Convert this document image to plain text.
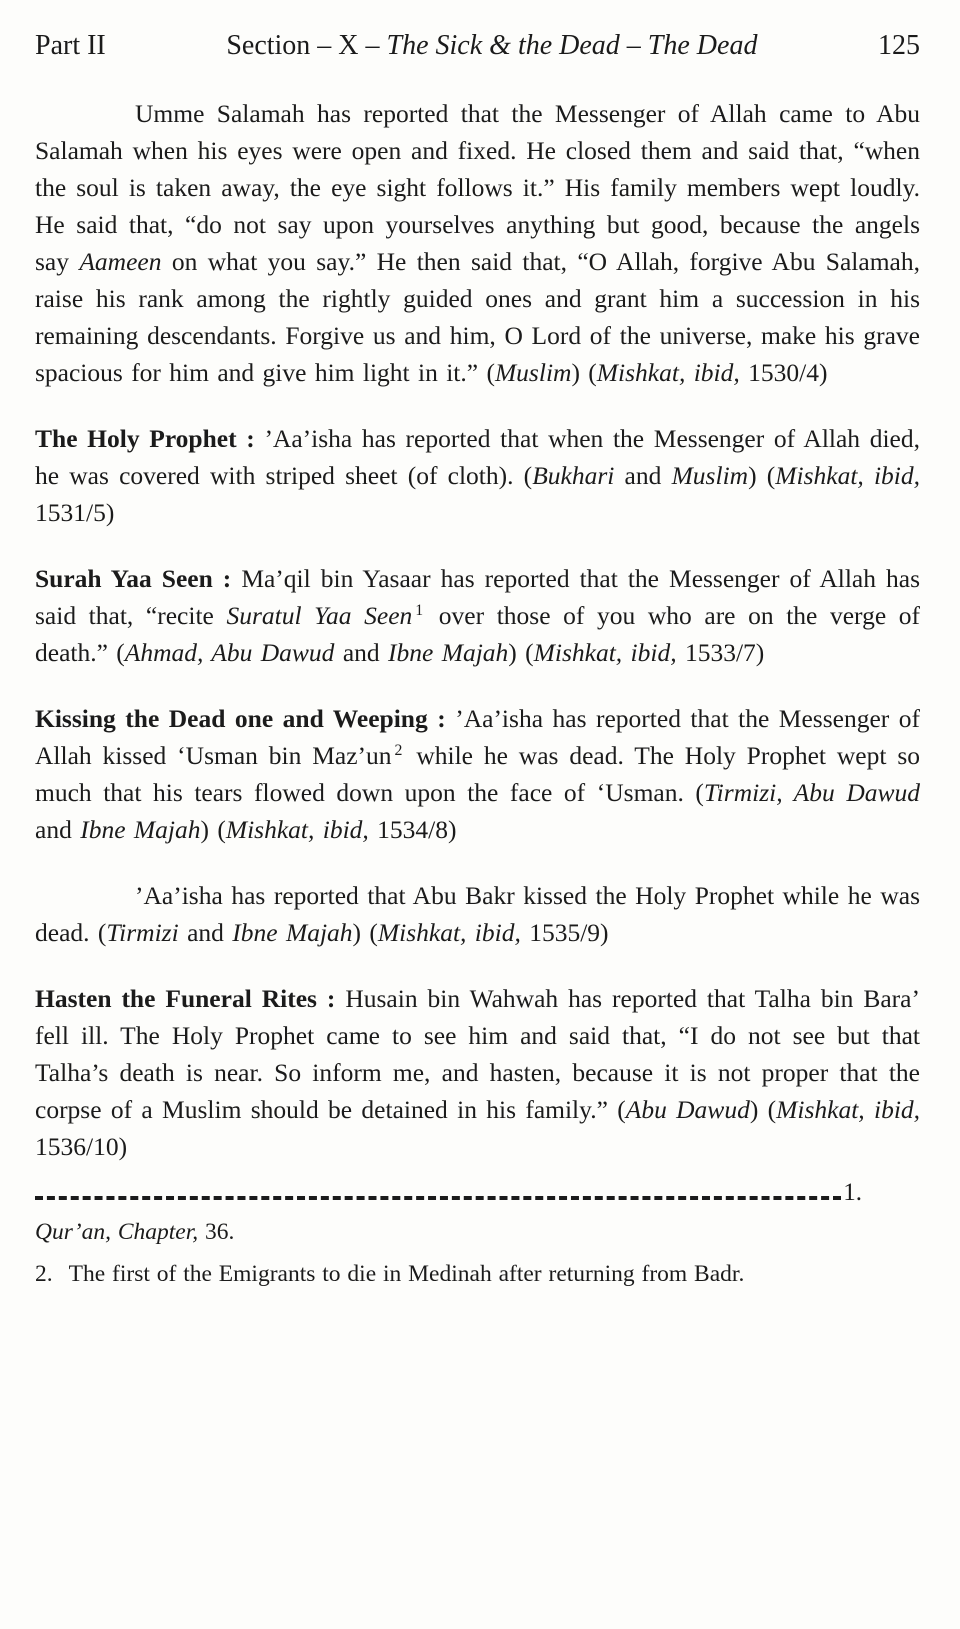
Part II	Section – X – The Sick & the Dead – The Dead	125

Umme Salamah has reported that the Messenger of Allah came to Abu Salamah when his eyes were open and fixed. He closed them and said that, “when the soul is taken away, the eye sight follows it.” His family members wept loudly. He said that, “do not say upon yourselves anything but good, because the angels say Aameen on what you say.” He then said that, “O Allah, forgive Abu Salamah, raise his rank among the rightly guided ones and grant him a succession in his remaining descendants. Forgive us and him, O Lord of the universe, make his grave spacious for him and give him light in it.” (Muslim) (Mishkat, ibid, 1530/4)

The Holy Prophet : ’Aa’isha has reported that when the Messenger of Allah died, he was covered with striped sheet (of cloth). (Bukhari and Muslim) (Mishkat, ibid, 1531/5)

Surah Yaa Seen : Ma’qil bin Yasaar has reported that the Messenger of Allah has said that, “recite Suratul Yaa Seen $^1$ over those of you who are on the verge of death.” (Ahmad, Abu Dawud and Ibne Majah) (Mishkat, ibid, 1533/7)

Kissing the Dead one and Weeping : ’Aa’isha has reported that the Messenger of Allah kissed ‘Usman bin Maz’un $^2$ while he was dead. The Holy Prophet wept so much that his tears flowed down upon the face of ‘Usman. (Tirmizi, Abu Dawud and Ibne Majah) (Mishkat, ibid, 1534/8)

’Aa’isha has reported that Abu Bakr kissed the Holy Prophet while he was dead. (Tirmizi and Ibne Majah) (Mishkat, ibid, 1535/9)

Hasten the Funeral Rites : Husain bin Wahwah has reported that Talha bin Bara’ fell ill. The Holy Prophet came to see him and said that, “I do not see but that Talha’s death is near. So inform me, and hasten, because it is not proper that the corpse of a Muslim should be detained in his family.” (Abu Dawud) (Mishkat, ibid, 1536/10)

1.

Qur’an, Chapter, 36.

2. The first of the Emigrants to die in Medinah after returning from Badr.
